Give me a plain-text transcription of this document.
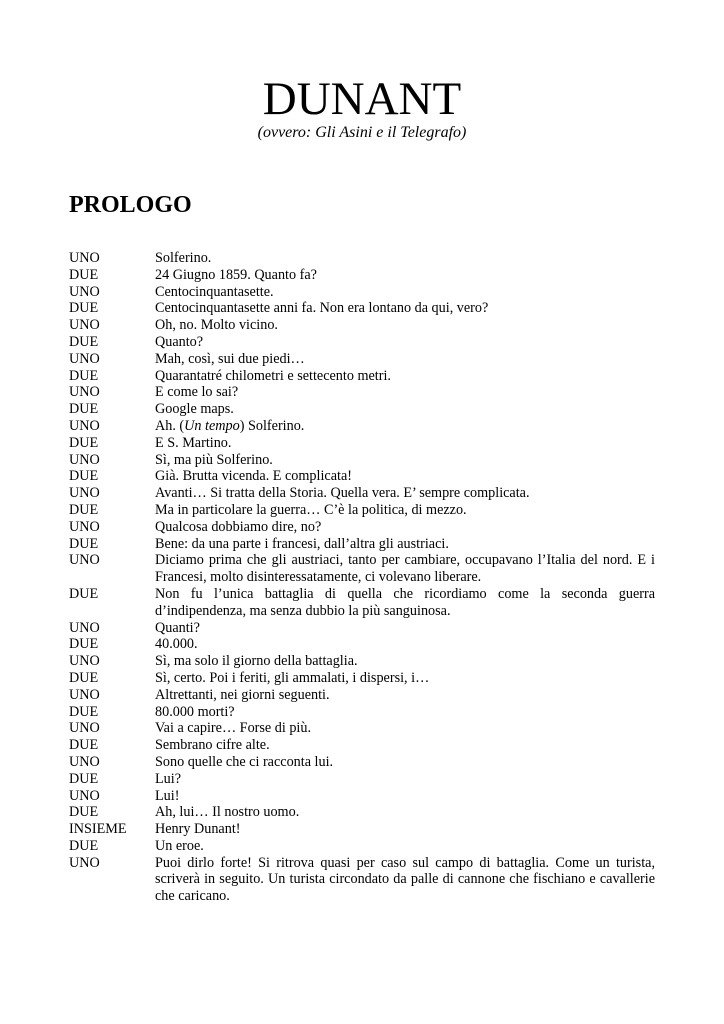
DUNANT
(ovvero: Gli Asini e il Telegrafo)
PROLOGO
UNO	Solferino.
DUE	24 Giugno 1859. Quanto fa?
UNO	Centocinquantasette.
DUE	Centocinquantasette anni fa. Non era lontano da qui, vero?
UNO	Oh, no. Molto vicino.
DUE	Quanto?
UNO	Mah, così, sui due piedi…
DUE	Quarantatré chilometri e settecento metri.
UNO	E come lo sai?
DUE	Google maps.
UNO	Ah. (Un tempo) Solferino.
DUE	E S. Martino.
UNO	Sì, ma più Solferino.
DUE	Già. Brutta vicenda. E complicata!
UNO	Avanti… Si tratta della Storia. Quella vera. E’ sempre complicata.
DUE	Ma in particolare la guerra… C’è la politica, di mezzo.
UNO	Qualcosa dobbiamo dire, no?
DUE	Bene: da una parte i francesi, dall’altra gli austriaci.
UNO	Diciamo prima che gli austriaci, tanto per cambiare, occupavano l’Italia del nord. E i Francesi, molto disinteressatamente, ci volevano liberare.
DUE	Non fu l’unica battaglia di quella che ricordiamo come la seconda guerra d’indipendenza, ma senza dubbio la più sanguinosa.
UNO	Quanti?
DUE	40.000.
UNO	Sì, ma solo il giorno della battaglia.
DUE	Sì, certo. Poi i feriti, gli ammalati, i dispersi, i…
UNO	Altrettanti, nei giorni seguenti.
DUE	80.000 morti?
UNO	Vai a capire… Forse di più.
DUE	Sembrano cifre alte.
UNO	Sono quelle che ci racconta lui.
DUE	Lui?
UNO	Lui!
DUE	Ah, lui… Il nostro uomo.
INSIEME	Henry Dunant!
DUE	Un eroe.
UNO	Puoi dirlo forte! Si ritrova quasi per caso sul campo di battaglia. Come un turista, scriverà in seguito. Un turista circondato da palle di cannone che fischiano e cavallerie che caricano.
